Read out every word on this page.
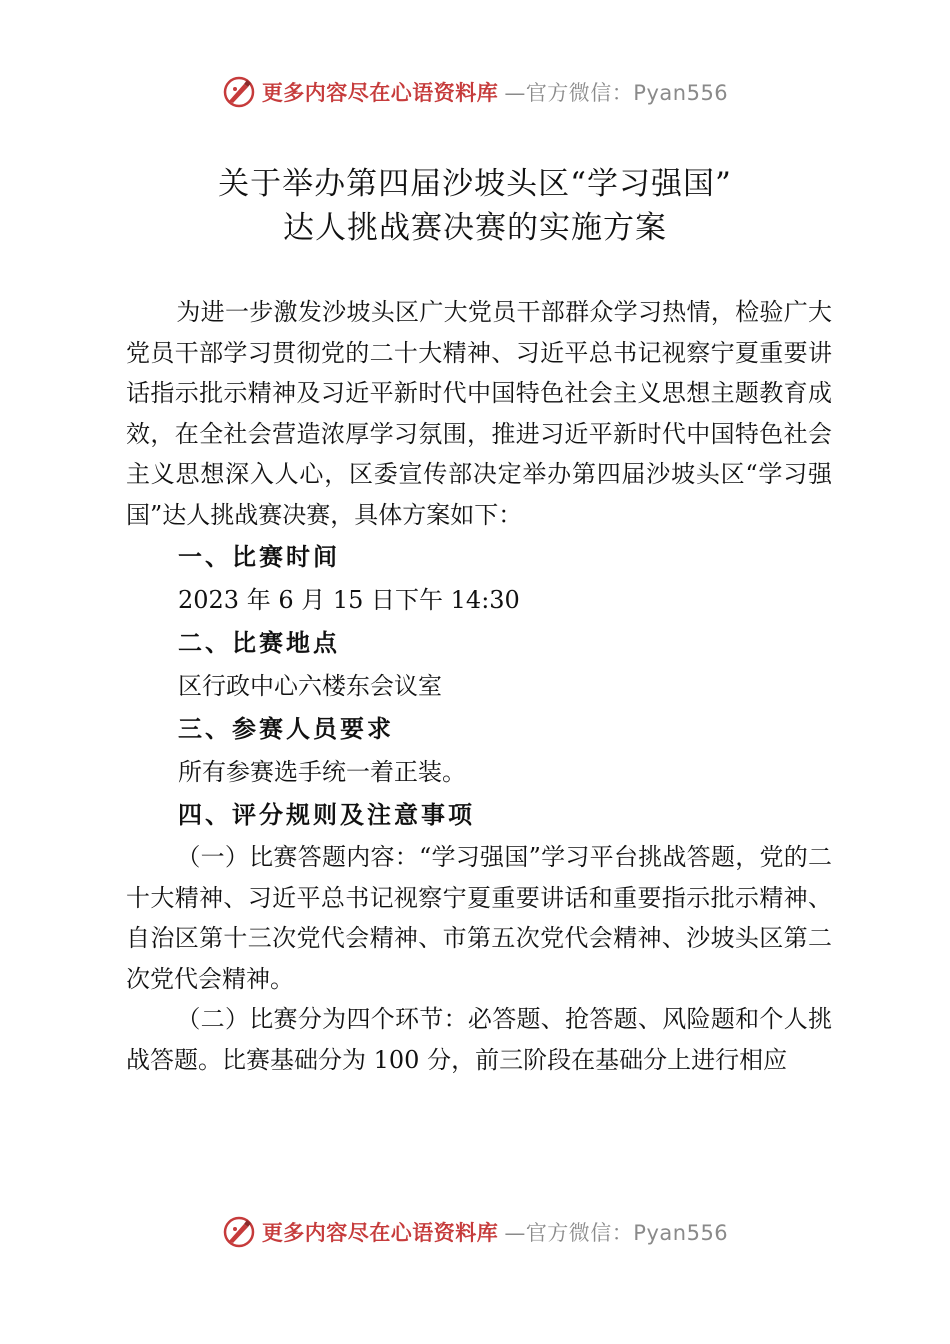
更多内容尽在心语资料库 —官方微信：Pyan556
关于举办第四届沙坡头区“学习强国”
达人挑战赛决赛的实施方案

为进一步激发沙坡头区广大党员干部群众学习热情，检验广大党员干部学习贯彻党的二十大精神、习近平总书记视察宁夏重要讲话指示批示精神及习近平新时代中国特色社会主义思想主题教育成效，在全社会营造浓厚学习氛围，推进习近平新时代中国特色社会主义思想深入人心，区委宣传部决定举办第四届沙坡头区“学习强国”达人挑战赛决赛，具体方案如下：

一、比赛时间

2023 年 6 月 15 日下午 14:30

二、比赛地点

区行政中心六楼东会议室

三、参赛人员要求

所有参赛选手统一着正装。

四、评分规则及注意事项

（一）比赛答题内容：“学习强国”学习平台挑战答题，党的二十大精神、习近平总书记视察宁夏重要讲话和重要指示批示精神、自治区第十三次党代会精神、市第五次党代会精神、沙坡头区第二次党代会精神。

（二）比赛分为四个环节：必答题、抢答题、风险题和个人挑战答题。比赛基础分为 100 分，前三阶段在基础分上进行相应

更多内容尽在心语资料库 —官方微信：Pyan556
